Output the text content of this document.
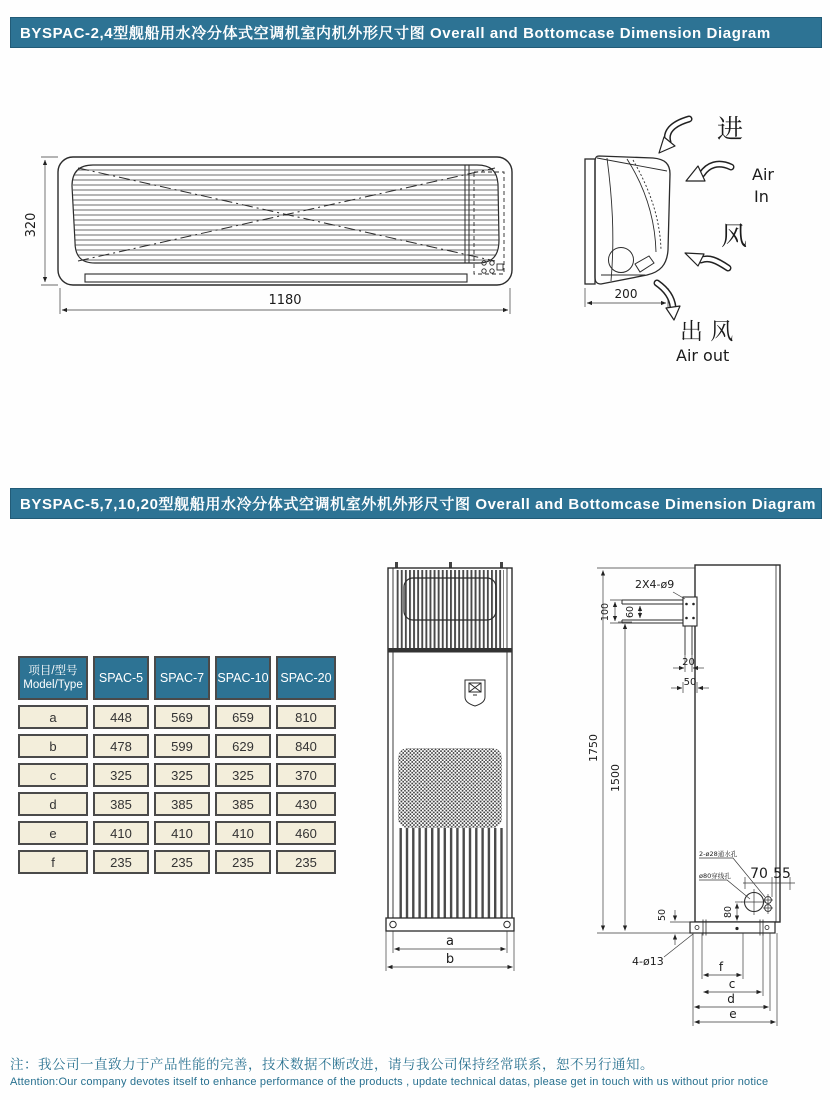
BYSPAC-2,4型舰船用水冷分体式空调机室内机外形尺寸图 Overall and Bottomcase Dimension Diagram
320
1180	200
进
Air
In
风
出 风
Air out
BYSPAC-5,7,10,20型舰船用水冷分体式空调机室外机外形尺寸图 Overall and Bottomcase Dimension Diagram
项目/型号
Model/Type	SPAC-5	SPAC-7	SPAC-10	SPAC-20
a	448	569	659	810
b	478	599	629	840
c	325	325	325	370
d	385	385	385	430
e	410	410	410	460
f	235	235	235	235
a
b
2X4-ø9
1750
1500
100 60
20
50
2-ø28通水孔
ø80穿线孔 70 55
80
50
4-ø13	f
c
d
e
注：我公司一直致力于产品性能的完善，技术数据不断改进，请与我公司保持经常联系，恕不另行通知。
Attention:Our company devotes itself to enhance performance of the products , update technical datas, please get in touch with us without prior notice
